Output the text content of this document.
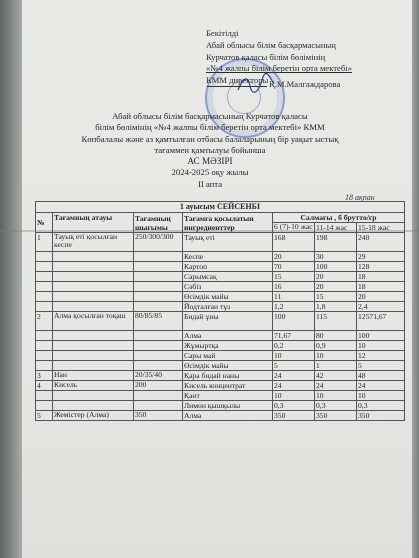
Бекітілді
Абай облысы білім басқармасының
Курчатов қаласы білім бөлімінің
«№4 жалпы білім беретін орта мектебі»
КММ директоры Қ.М.Малгаждарова
Абай облысы білім басқармасының Курчатов қаласы
білім бөлімінің «№4 жалпы білім беретін орта мектебі» КММ
Көпбалалы және аз қамтылған отбасы балаларының бір уақыт ыстық
тағаммен қамтылуы бойынша
АС МӘЗІРІ
2024-2025 оқу жылы
II апта
18 ақпан
1 ауысым СЕЙСЕНБІ						
№	Тағамның атауы	Тағамның шығымы	Тағамға қосылатын ингредиенттер	Салмағы , б бруттo/гр		
				6 (7)-10 жас	11-14 жас	15-18 жас
1	Тауық еті қосылған кеспе	250/300/300	Тауық еті	168	198	240
			Кеспе	20	30	29
			Картоп	70	100	128
			Сарымсақ	15	20	18
			Сәбіз	16	20	18
			Өсімдік майы	11	15	20
			Йодталған тұз	1,2	1,8	2,4
2	Алма қосылған тоқаш	80/85/85	Бидай ұны	100	115	12571,67
			Алма	71,67	80	100
			Жұмыртқа	0,2	0,9	10
			Сары май	10	10	12
			Өсімдік майы	5	1	5
3	Нан	20/35/40	Қара бидай наны	24	42	48
4	Кисель	200	Кисель концентрат	24	24	24
			Қант	10	10	10
			Лимон қышқылы	0,3	0,3	0,3
5	Жемістер (Алма)	350	Алма	350	350	350
